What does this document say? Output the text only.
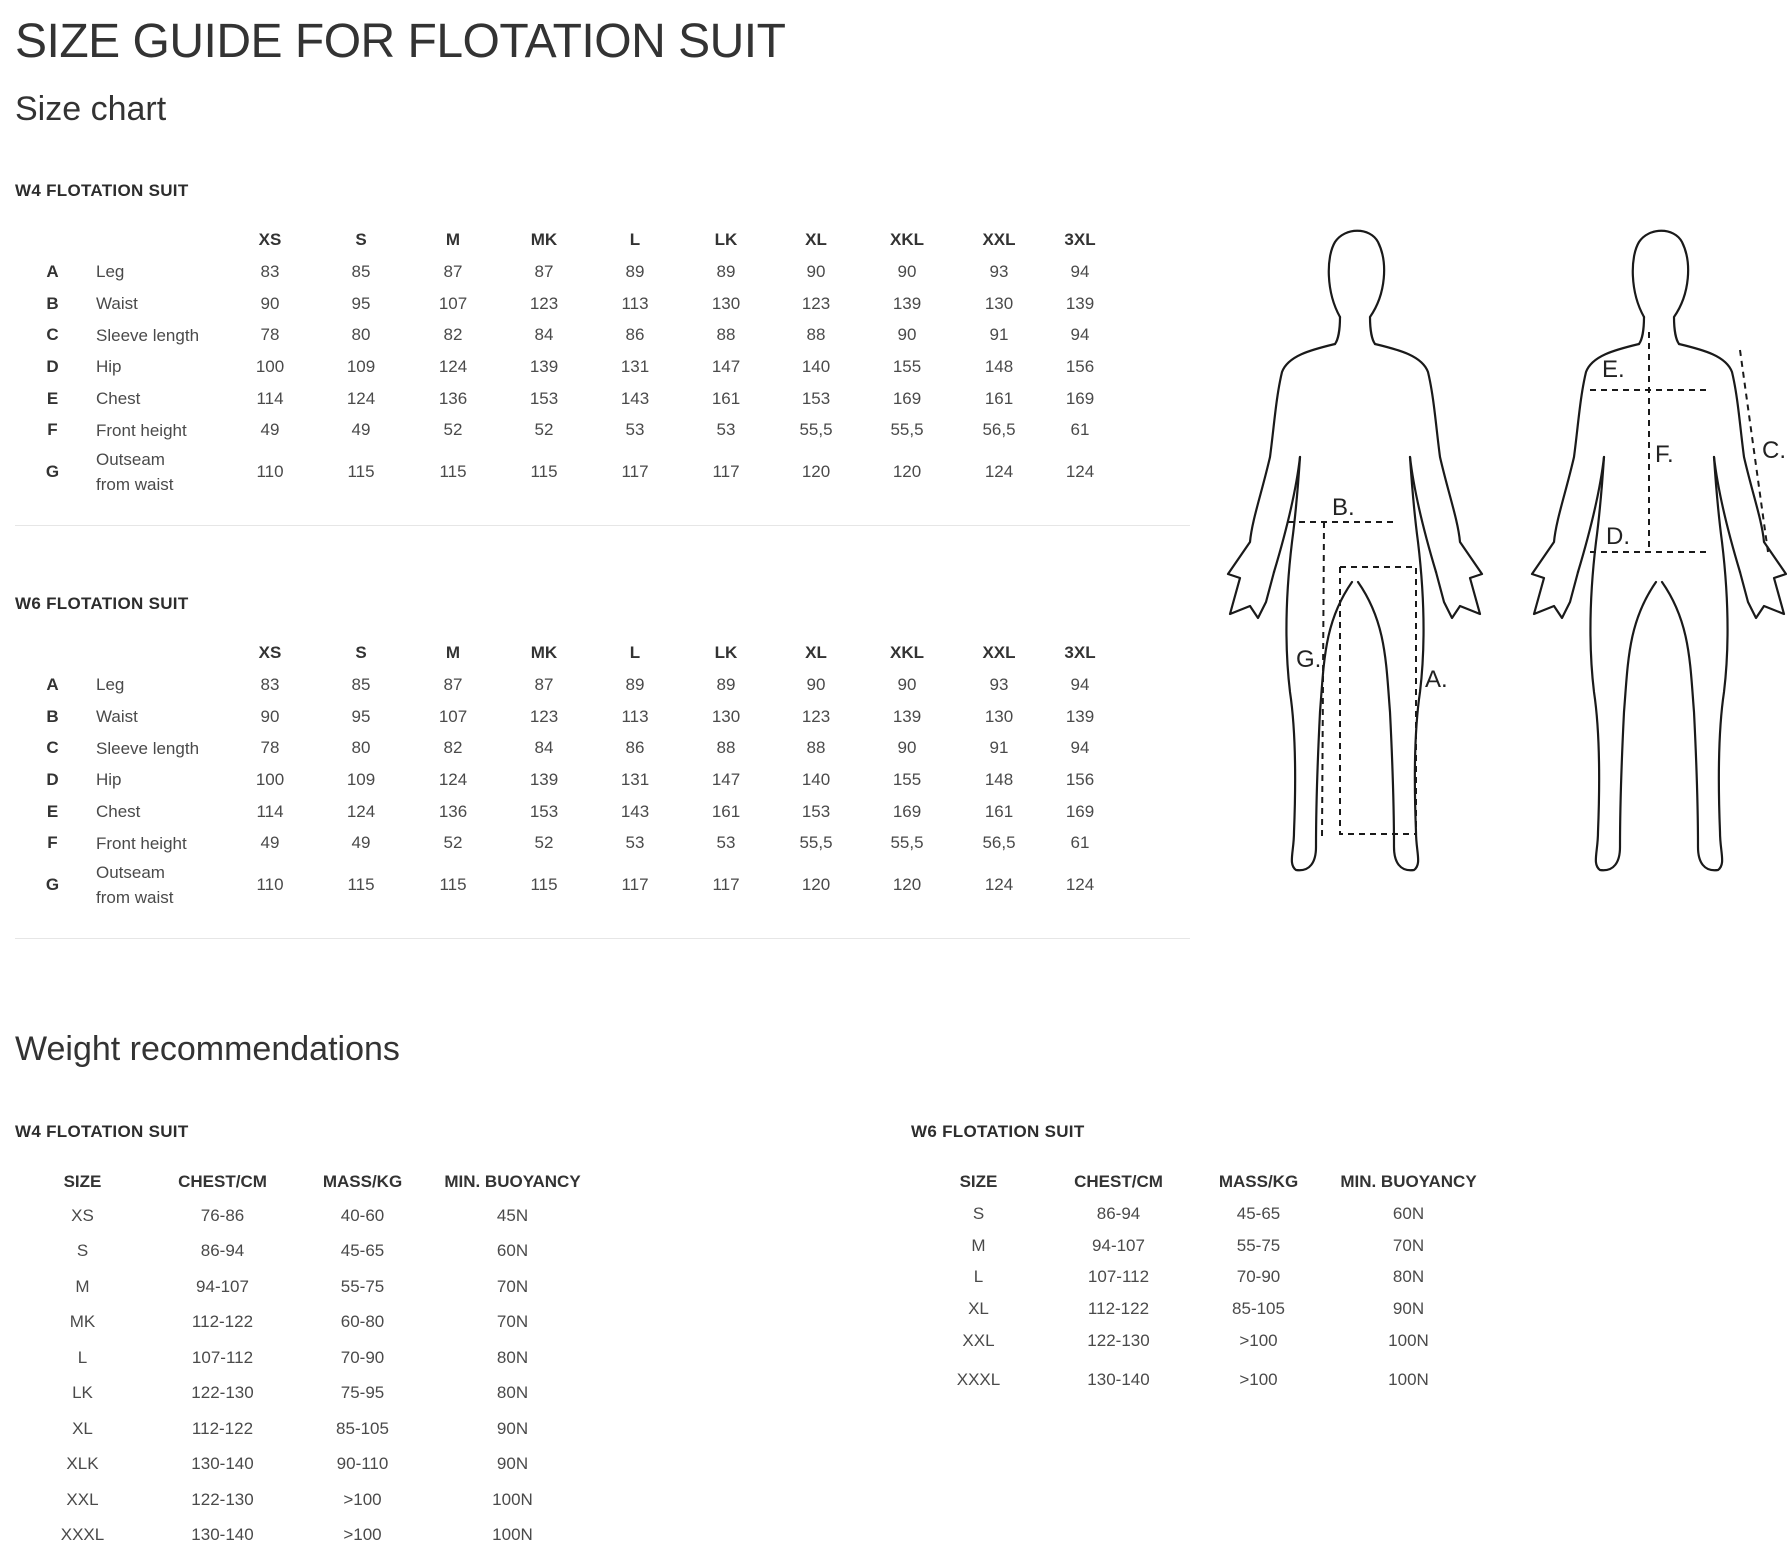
SIZE GUIDE FOR FLOTATION SUIT
Size chart
W4 FLOTATION SUIT
		XS	S	M	MK	L	LK	XL	XKL	XXL	3XL	
A	Leg	83	85	87	87	89	89	90	90	93	94	
B	Waist	90	95	107	123	113	130	123	139	130	139	
C	Sleeve length	78	80	82	84	86	88	88	90	91	94	
D	Hip	100	109	124	139	131	147	140	155	148	156	
E	Chest	114	124	136	153	143	161	153	169	161	169	
F	Front height	49	49	52	52	53	53	55,5	55,5	56,5	61	
G	Outseam
from waist	110	115	115	115	117	117	120	120	124	124	
W6 FLOTATION SUIT
		XS	S	M	MK	L	LK	XL	XKL	XXL	3XL	
A	Leg	83	85	87	87	89	89	90	90	93	94	
B	Waist	90	95	107	123	113	130	123	139	130	139	
C	Sleeve length	78	80	82	84	86	88	88	90	91	94	
D	Hip	100	109	124	139	131	147	140	155	148	156	
E	Chest	114	124	136	153	143	161	153	169	161	169	
F	Front height	49	49	52	52	53	53	55,5	55,5	56,5	61	
G	Outseam
from waist	110	115	115	115	117	117	120	120	124	124	
B.
G.
A.
E.
F.
D.
C.
Weight recommendations
W4 FLOTATION SUIT
SIZE	CHEST/CM	MASS/KG	MIN. BUOYANCY
XS	76-86	40-60	45N
S	86-94	45-65	60N
M	94-107	55-75	70N
MK	112-122	60-80	70N
L	107-112	70-90	80N
LK	122-130	75-95	80N
XL	112-122	85-105	90N
XLK	130-140	90-110	90N
XXL	122-130	>100	100N
XXXL	130-140	>100	100N
W6 FLOTATION SUIT
SIZE	CHEST/CM	MASS/KG	MIN. BUOYANCY
S	86-94	45-65	60N
M	94-107	55-75	70N
L	107-112	70-90	80N
XL	112-122	85-105	90N
XXL	122-130	>100	100N
XXXL	130-140	>100	100N
